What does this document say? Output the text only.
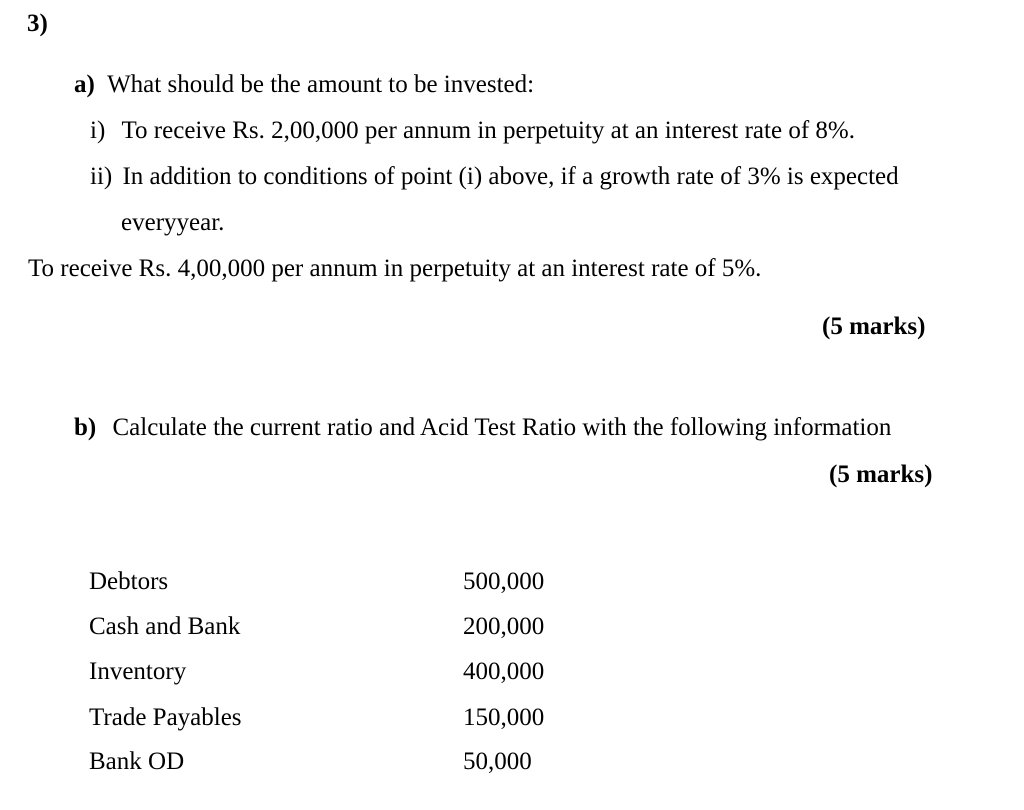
3)
a) What should be the amount to be invested:
i) To receive Rs. 2,00,000 per annum in perpetuity at an interest rate of 8%.
ii) In addition to conditions of point (i) above, if a growth rate of 3% is expected
everyyear.
To receive Rs. 4,00,000 per annum in perpetuity at an interest rate of 5%.
(5 marks)
b) Calculate the current ratio and Acid Test Ratio with the following information
(5 marks)
Debtors	500,000
Cash and Bank	200,000
Inventory	400,000
Trade Payables	150,000
Bank OD	50,000
